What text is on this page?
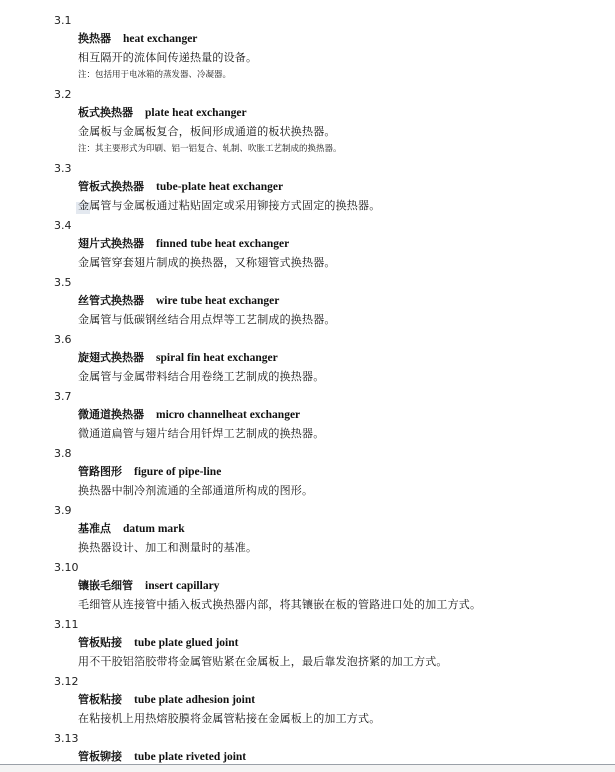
3.1
换热器 heat exchanger
相互隔开的流体间传递热量的设备。
注：包括用于电冰箱的蒸发器、冷凝器。
3.2
板式换热器 plate heat exchanger
金属板与金属板复合，板间形成通道的板状换热器。
注：其主要形式为印刷、铝一铝复合、轧制、吹胀工艺制成的换热器。
3.3
管板式换热器 tube-plate heat exchanger
金属管与金属板通过粘贴固定或采用铆接方式固定的换热器。
3.4
翅片式换热器 finned tube heat exchanger
金属管穿套翅片制成的换热器，又称翅管式换热器。
3.5
丝管式换热器 wire tube heat exchanger
金属管与低碳钢丝结合用点焊等工艺制成的换热器。
3.6
旋翅式换热器 spiral fin heat exchanger
金属管与金属带料结合用卷绕工艺制成的换热器。
3.7
微通道换热器 micro channelheat exchanger
微通道扁管与翅片结合用钎焊工艺制成的换热器。
3.8
管路图形 figure of pipe-line
换热器中制冷剂流通的全部通道所构成的图形。
3.9
基准点 datum mark
换热器设计、加工和测量时的基准。
3.10
镶嵌毛细管 insert capillary
毛细管从连接管中插入板式换热器内部，将其镶嵌在板的管路进口处的加工方式。
3.11
管板贴接 tube plate glued joint
用不干胶铝箔胶带将金属管贴紧在金属板上，最后靠发泡挤紧的加工方式。
3.12
管板粘接 tube plate adhesion joint
在粘接机上用热熔胶膜将金属管粘接在金属板上的加工方式。
3.13
管板铆接 tube plate riveted joint
